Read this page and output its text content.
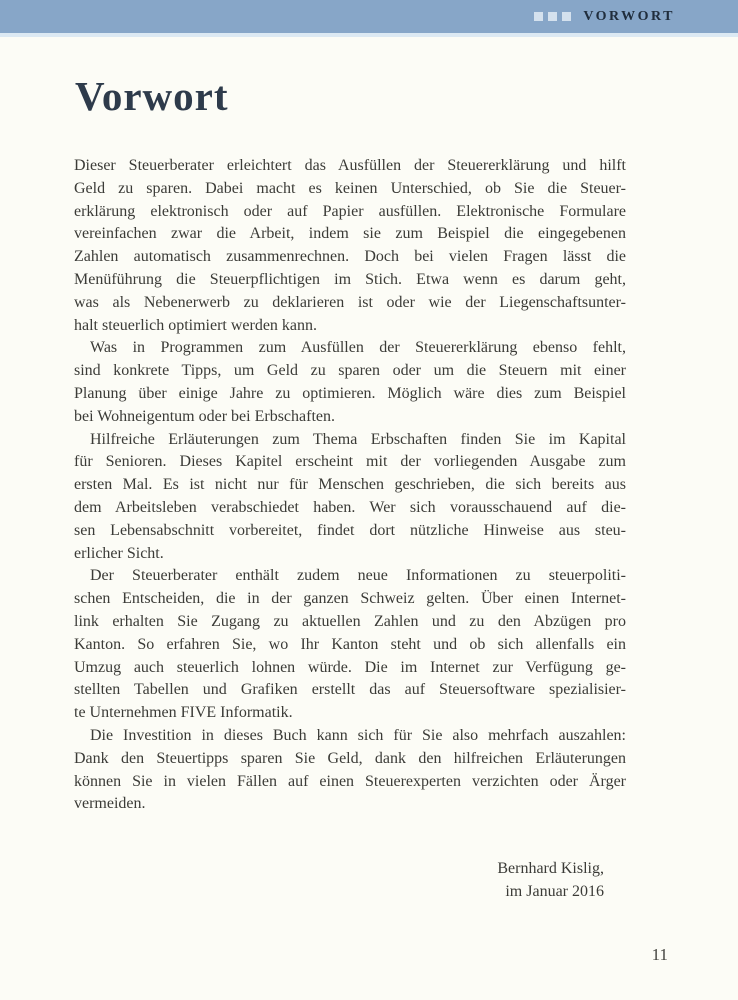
VORWORT
Vorwort
Dieser Steuerberater erleichtert das Ausfüllen der Steuererklärung und hilft
Geld zu sparen. Dabei macht es keinen Unterschied, ob Sie die Steuer-
erklärung elektronisch oder auf Papier ausfüllen. Elektronische Formulare
vereinfachen zwar die Arbeit, indem sie zum Beispiel die eingegebenen
Zahlen automatisch zusammenrechnen. Doch bei vielen Fragen lässt die
Menüführung die Steuerpflichtigen im Stich. Etwa wenn es darum geht,
was als Nebenerwerb zu deklarieren ist oder wie der Liegenschaftsunter-
halt steuerlich optimiert werden kann.
Was in Programmen zum Ausfüllen der Steuererklärung ebenso fehlt,
sind konkrete Tipps, um Geld zu sparen oder um die Steuern mit einer
Planung über einige Jahre zu optimieren. Möglich wäre dies zum Beispiel
bei Wohneigentum oder bei Erbschaften.
Hilfreiche Erläuterungen zum Thema Erbschaften finden Sie im Kapital
für Senioren. Dieses Kapitel erscheint mit der vorliegenden Ausgabe zum
ersten Mal. Es ist nicht nur für Menschen geschrieben, die sich bereits aus
dem Arbeitsleben verabschiedet haben. Wer sich vorausschauend auf die-
sen Lebensabschnitt vorbereitet, findet dort nützliche Hinweise aus steu-
erlicher Sicht.
Der Steuerberater enthält zudem neue Informationen zu steuerpoliti-
schen Entscheiden, die in der ganzen Schweiz gelten. Über einen Internet-
link erhalten Sie Zugang zu aktuellen Zahlen und zu den Abzügen pro
Kanton. So erfahren Sie, wo Ihr Kanton steht und ob sich allenfalls ein
Umzug auch steuerlich lohnen würde. Die im Internet zur Verfügung ge-
stellten Tabellen und Grafiken erstellt das auf Steuersoftware spezialisier-
te Unternehmen FIVE Informatik.
Die Investition in dieses Buch kann sich für Sie also mehrfach auszahlen:
Dank den Steuertipps sparen Sie Geld, dank den hilfreichen Erläuterungen
können Sie in vielen Fällen auf einen Steuerexperten verzichten oder Ärger
vermeiden.
Bernhard Kislig,
im Januar 2016
11
